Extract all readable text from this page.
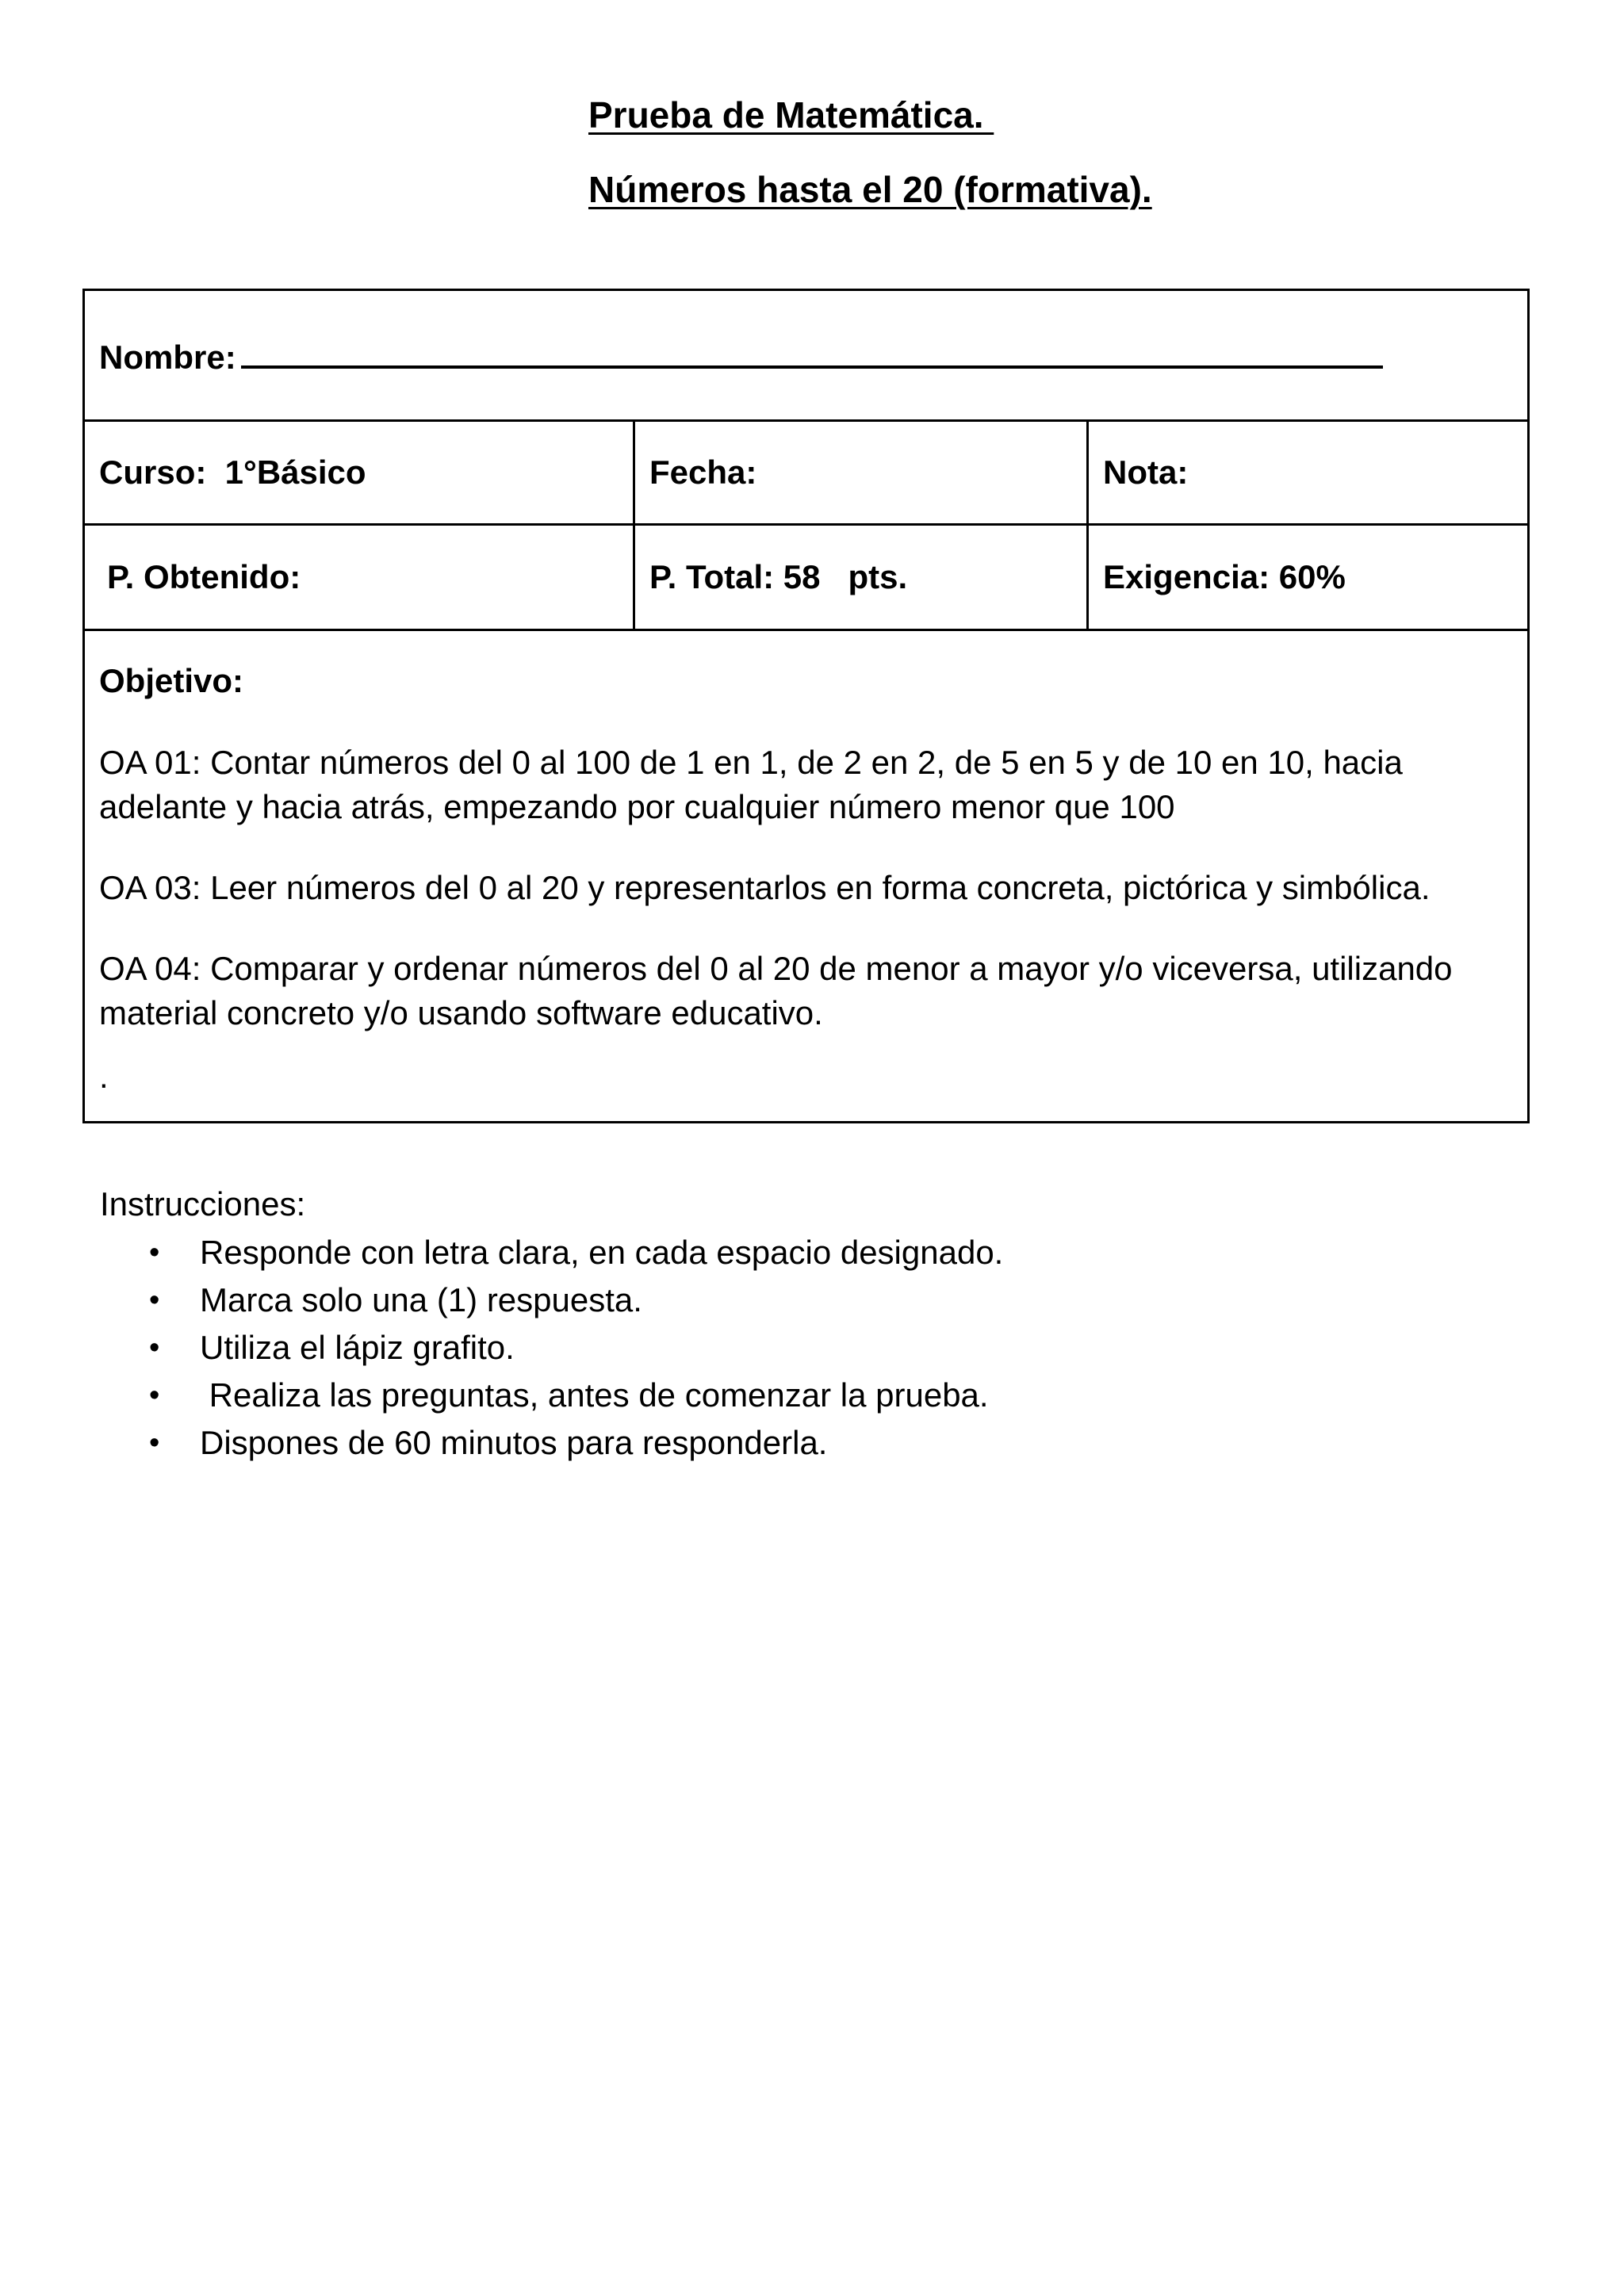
Prueba de Matemática.
Números hasta el 20 (formativa).
Nombre:		
Curso:  1°Básico	Fecha:	Nota:
P. Obtenido:	P. Total: 58   pts.	Exigencia: 60%

Objetivo:
OA 01: Contar números del 0 al 100 de 1 en 1, de 2 en 2, de 5 en 5 y de 10 en 10, hacia adelante y hacia atrás, empezando por cualquier número menor que 100
OA 03: Leer números del 0 al 20 y representarlos en forma concreta, pictórica y simbólica.
OA 04: Comparar y ordenar números del 0 al 20 de menor a mayor y/o viceversa, utilizando material concreto y/o usando software educativo.
.		
Instrucciones:
• Responde con letra clara, en cada espacio designado.
• Marca solo una (1) respuesta.
• Utiliza el lápiz grafito.
• Realiza las preguntas, antes de comenzar la prueba.
• Dispones de 60 minutos para responderla.
